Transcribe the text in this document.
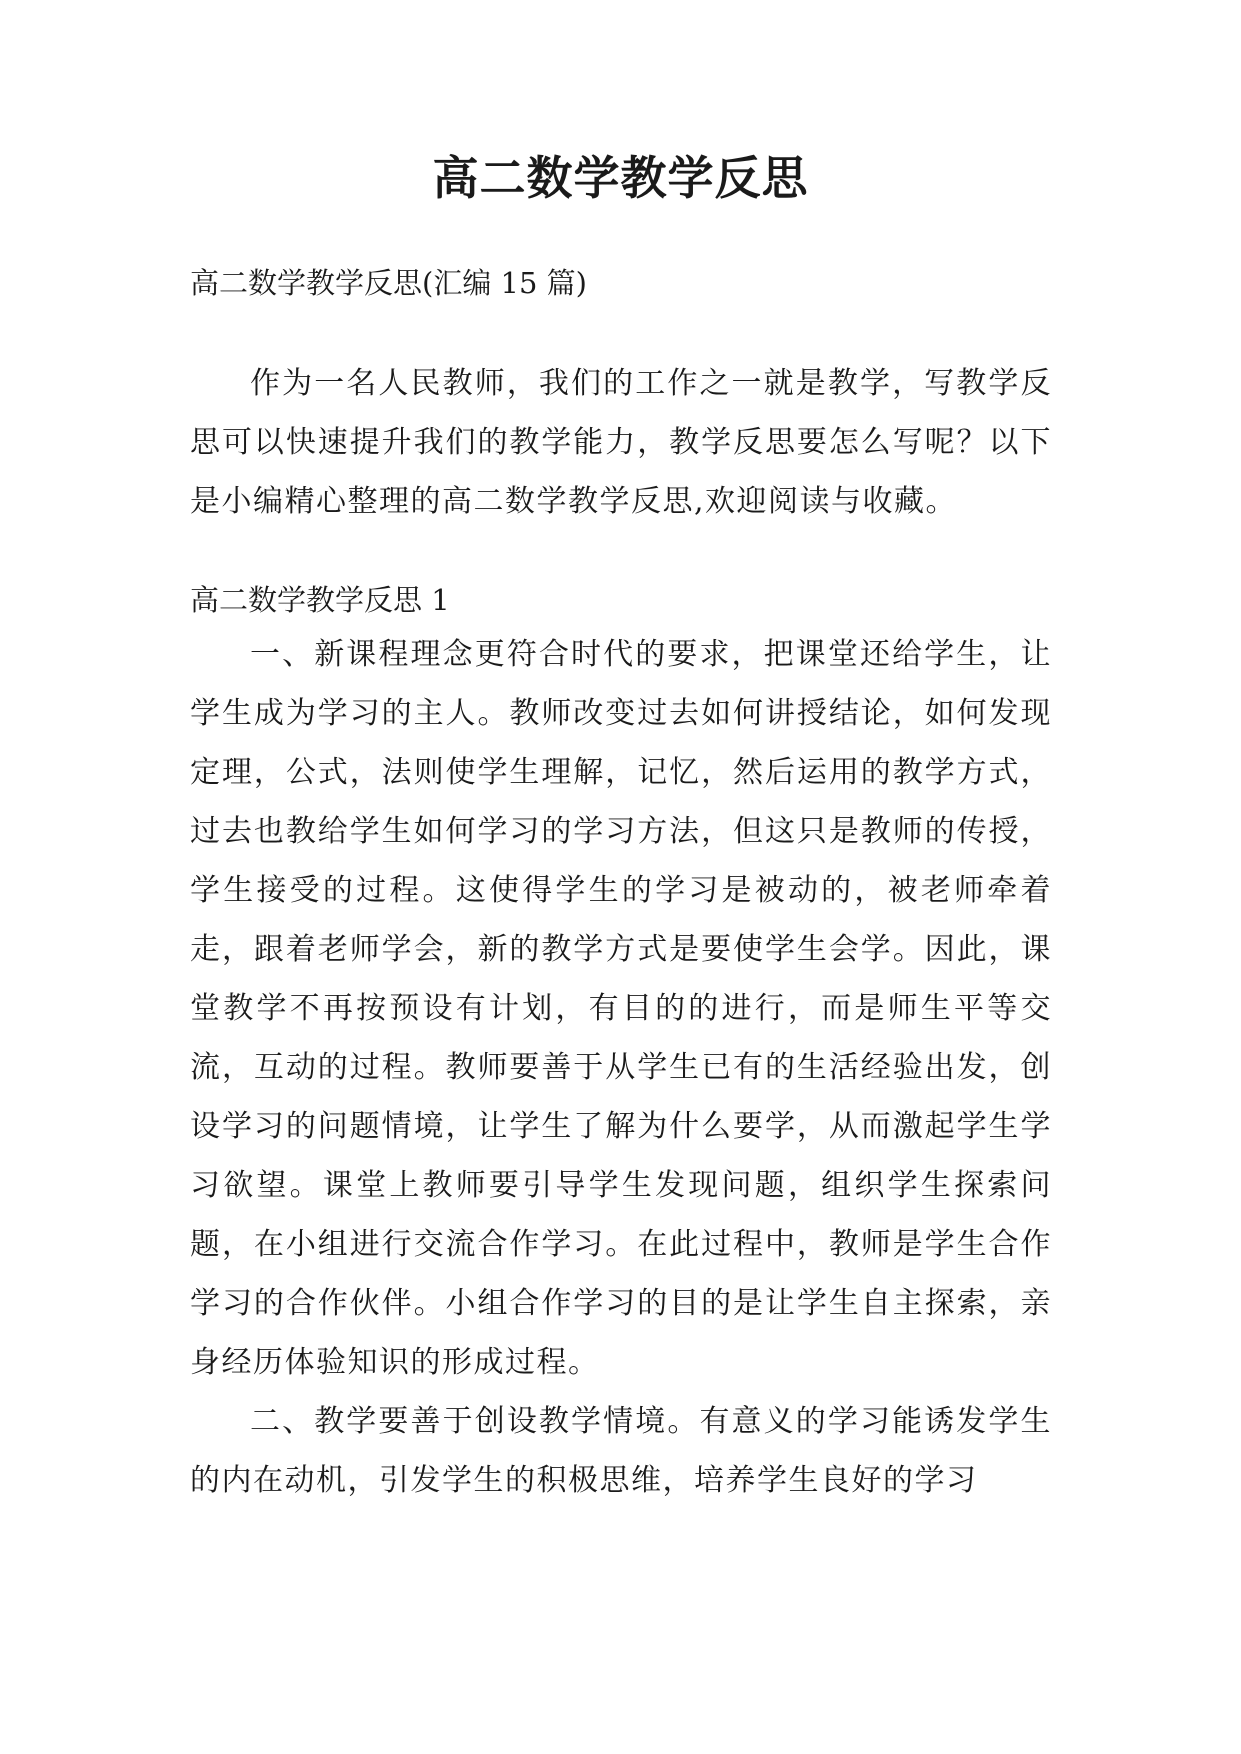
高二数学教学反思

高二数学教学反思(汇编 15 篇)

作为一名人民教师，我们的工作之一就是教学，写教学反思可以快速提升我们的教学能力，教学反思要怎么写呢？以下是小编精心整理的高二数学教学反思,欢迎阅读与收藏。

高二数学教学反思 1

一、新课程理念更符合时代的要求，把课堂还给学生，让学生成为学习的主人。教师改变过去如何讲授结论，如何发现定理，公式，法则使学生理解，记忆，然后运用的教学方式，过去也教给学生如何学习的学习方法，但这只是教师的传授，学生接受的过程。这使得学生的学习是被动的，被老师牵着走，跟着老师学会，新的教学方式是要使学生会学。因此，课堂教学不再按预设有计划，有目的的进行，而是师生平等交流，互动的过程。教师要善于从学生已有的生活经验出发，创设学习的问题情境，让学生了解为什么要学，从而激起学生学习欲望。课堂上教师要引导学生发现问题，组织学生探索问题，在小组进行交流合作学习。在此过程中，教师是学生合作学习的合作伙伴。小组合作学习的目的是让学生自主探索，亲身经历体验知识的形成过程。

二、教学要善于创设教学情境。有意义的学习能诱发学生的内在动机，引发学生的积极思维，培养学生良好的学习
